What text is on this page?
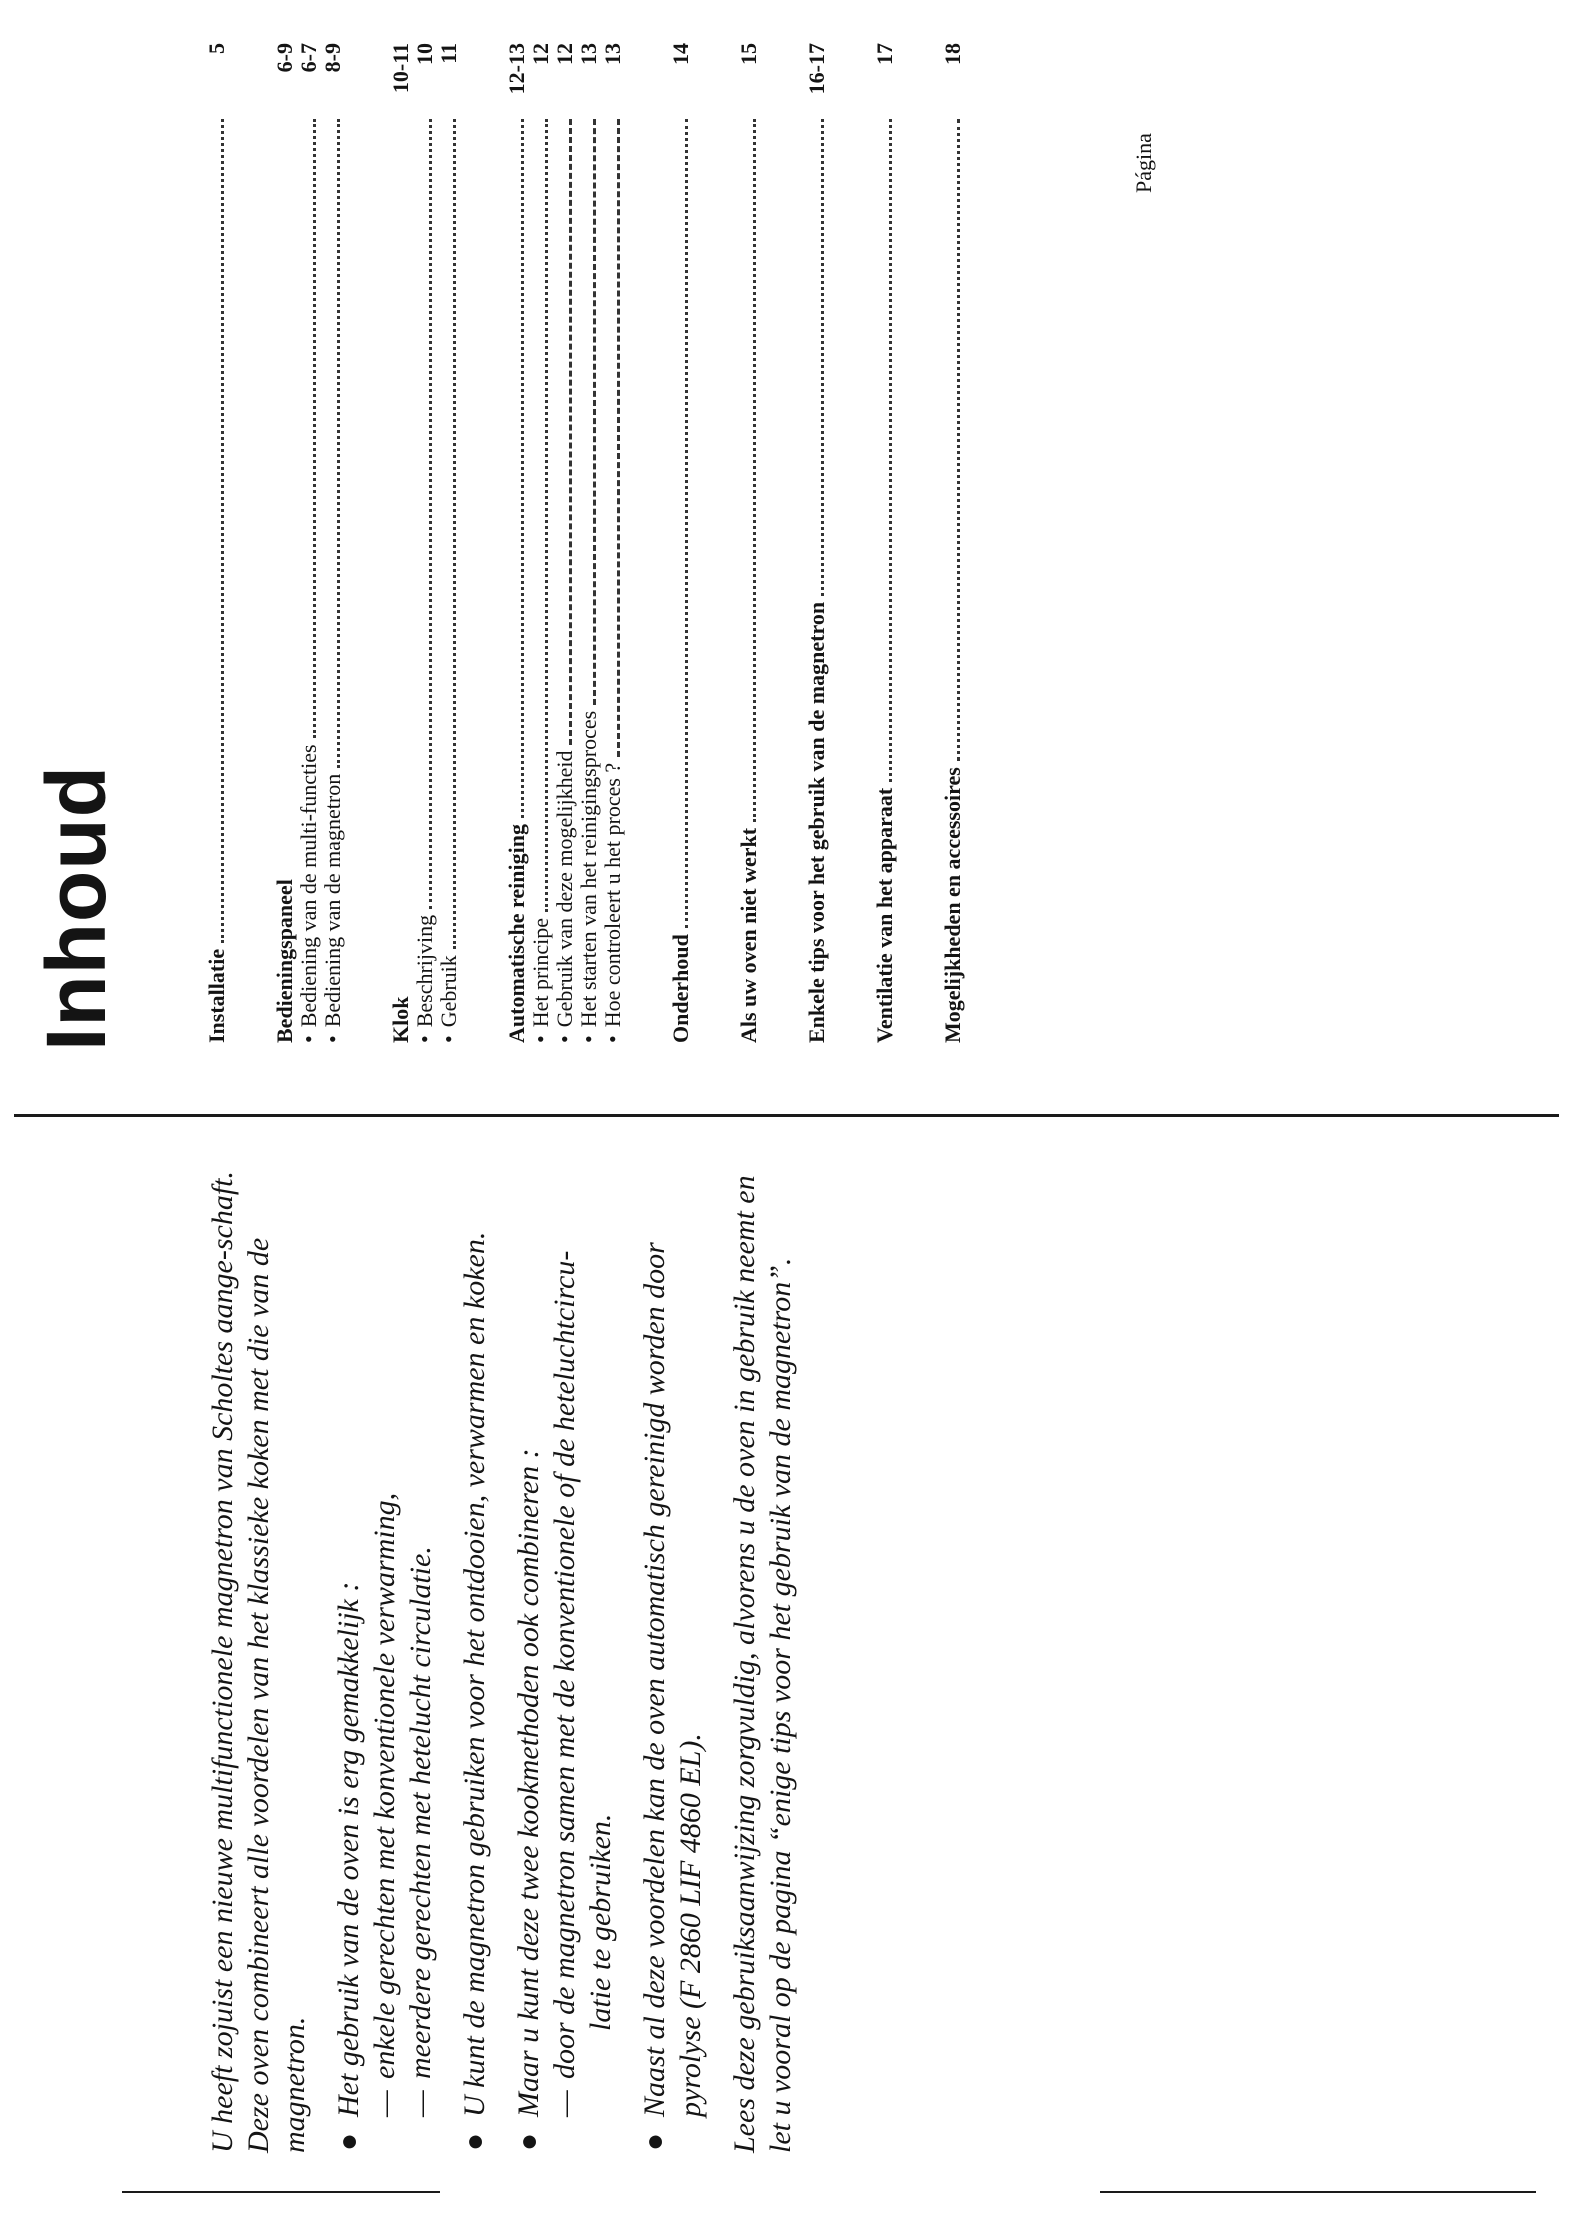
U heeft zojuist een nieuwe multifunctionele magnetron van Scholtes aange-schaft. Deze oven combineert alle voordelen van het klassieke koken met die van de magnetron. ●

Het gebruik van de oven is erg gemakkelijk : —enkele gerechten met konventionele verwarming,

—meerdere gerechten met hetelucht circulatie.

●

U kunt de magnetron gebruiken voor het ontdooien, verwarmen en koken.

●

Maar u kunt deze twee kookmethoden ook combineren : —door de magnetron samen met de konventionele of de heteluchtcircu- latie te gebruiken.

●

Naast al deze voordelen kan de oven automatisch gereinigd worden door pyrolyse (F 2860 LIF 4860 EL). Lees deze gebruiksaanwijzing zorgvuldig, alvorens u de oven in gebruik neemt en let u vooral op de pagina “enige tips voor het gebruik van de magnetron”.

Inhoud
Página
Installatie
5
Bedieningspaneel
6-9
• Bediening van de multi-functies
6-7
• Bediening van de magnetron
8-9
Klok
10-11
• Beschrijving
10
• Gebruik
11
Automatische reiniging
12-13
• Het principe
12
• Gebruik van deze mogelijkheid
12
• Het starten van het reinigingsproces
13
• Hoe controleert u het proces ?
13
Onderhoud
14
Als uw oven niet werkt
15
Enkele tips voor het gebruik van de magnetron
16-17
Ventilatie van het apparaat
17
Mogelijkheden en accessoires
18
